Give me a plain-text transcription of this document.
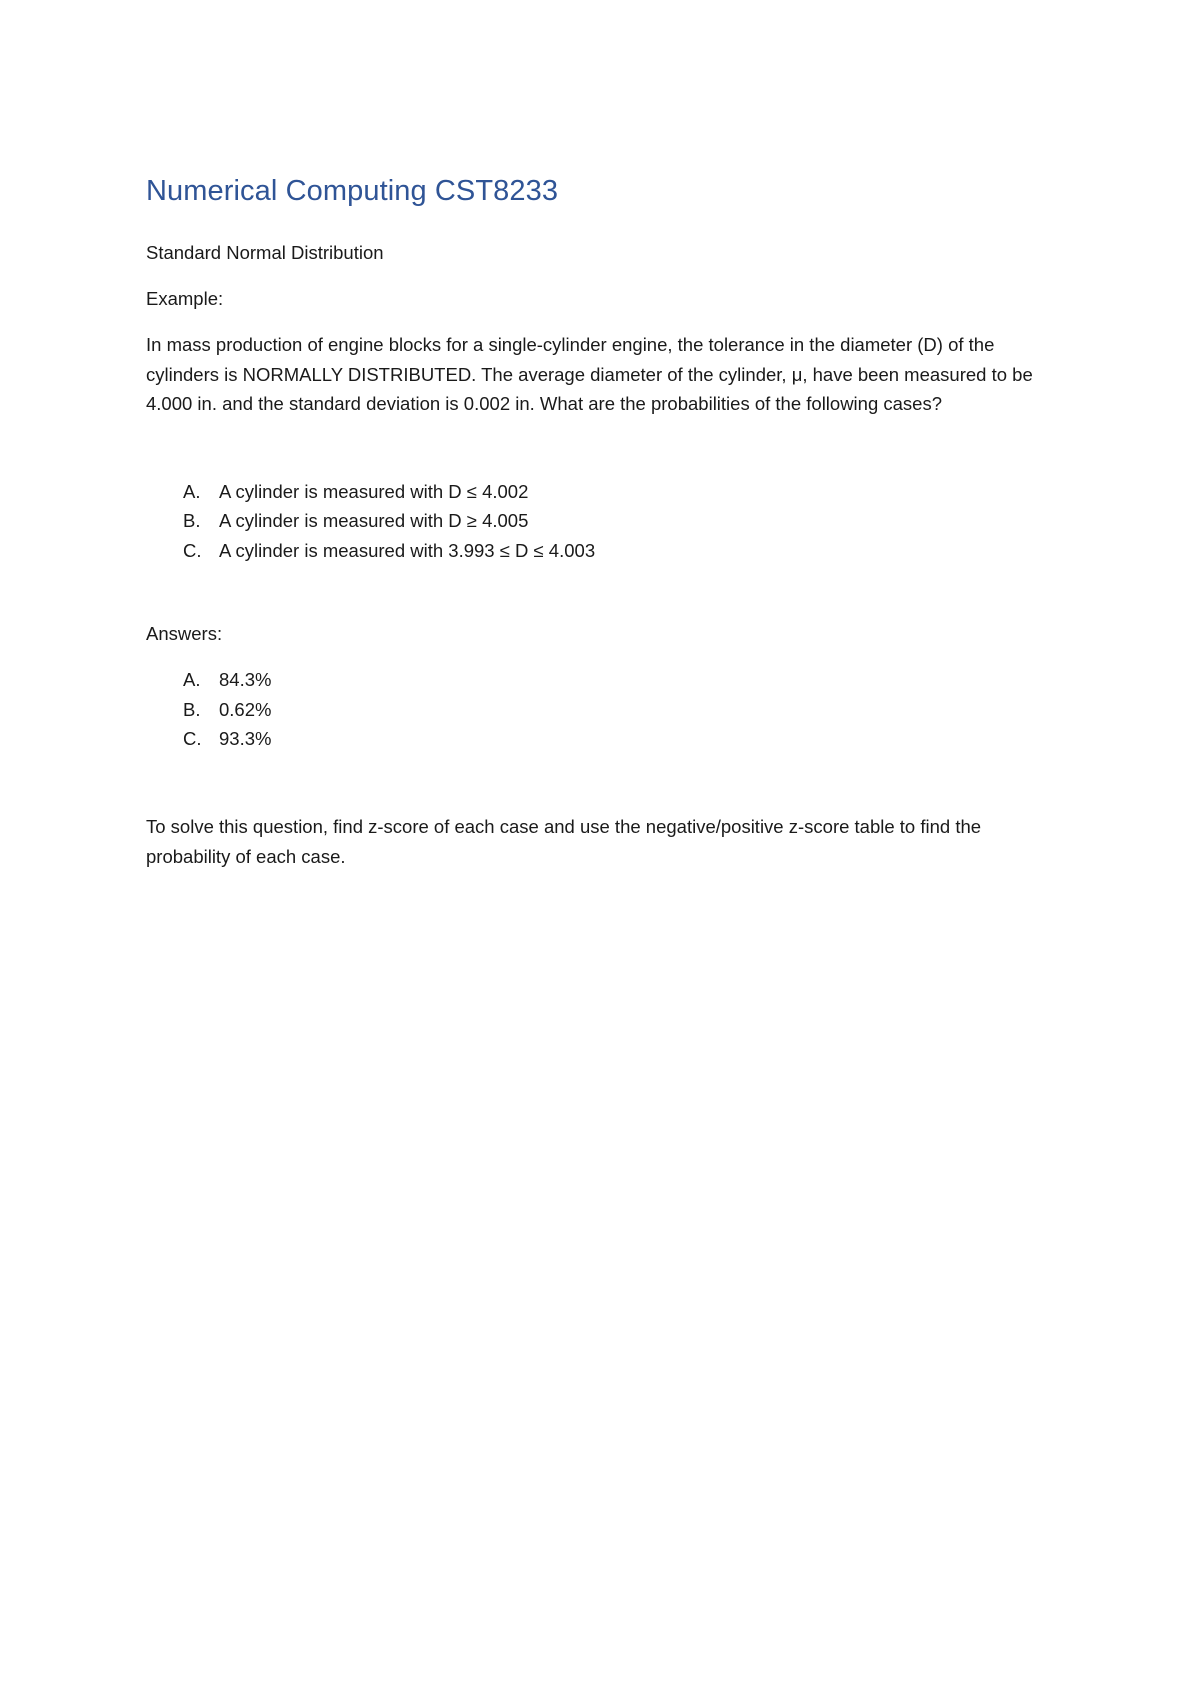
Numerical Computing CST8233
Standard Normal Distribution
Example:
In mass production of engine blocks for a single-cylinder engine, the tolerance in the diameter (D) of the cylinders is NORMALLY DISTRIBUTED. The average diameter of the cylinder, μ, have been measured to be 4.000 in. and the standard deviation is 0.002 in. What are the probabilities of the following cases?
A.	A cylinder is measured with D ≤ 4.002
B.	A cylinder is measured with D ≥ 4.005
C. A cylinder is measured with 3.993 ≤ D ≤ 4.003
Answers:
A.	84.3%
B.	0.62%
C. 93.3%
To solve this question, find z-score of each case and use the negative/positive z-score table to find the probability of each case.
